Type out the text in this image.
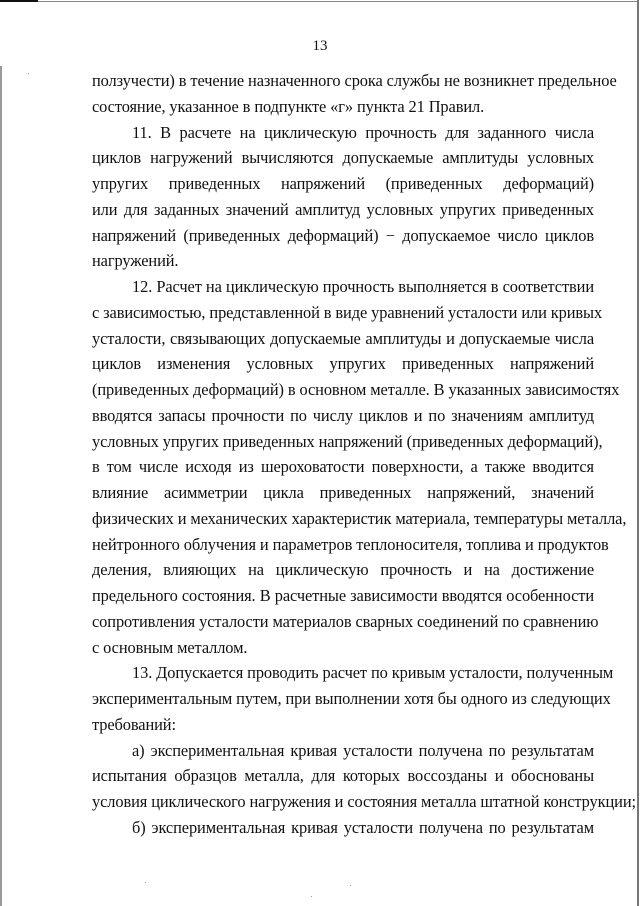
13
ползучести) в течение назначенного срока службы не возникнет предельное
состояние, указанное в подпункте «г» пункта 21 Правил.
11. В расчете на циклическую прочность для заданного числа
циклов нагружений вычисляются допускаемые амплитуды условных
упругих приведенных напряжений (приведенных деформаций)
или для заданных значений амплитуд условных упругих приведенных
напряжений (приведенных деформаций) − допускаемое число циклов
нагружений.
12. Расчет на циклическую прочность выполняется в соответствии
с зависимостью, представленной в виде уравнений усталости или кривых
усталости, связывающих допускаемые амплитуды и допускаемые числа
циклов изменения условных упругих приведенных напряжений
(приведенных деформаций) в основном металле. В указанных зависимостях
вводятся запасы прочности по числу циклов и по значениям амплитуд
условных упругих приведенных напряжений (приведенных деформаций),
в том числе исходя из шероховатости поверхности, а также вводится
влияние асимметрии цикла приведенных напряжений, значений
физических и механических характеристик материала, температуры металла,
нейтронного облучения и параметров теплоносителя, топлива и продуктов
деления, влияющих на циклическую прочность и на достижение
предельного состояния. В расчетные зависимости вводятся особенности
сопротивления усталости материалов сварных соединений по сравнению
с основным металлом.
13. Допускается проводить расчет по кривым усталости, полученным
экспериментальным путем, при выполнении хотя бы одного из следующих
требований:
а) экспериментальная кривая усталости получена по результатам
испытания образцов металла, для которых воссозданы и обоснованы
условия циклического нагружения и состояния металла штатной конструкции;
б) экспериментальная кривая усталости получена по результатам
